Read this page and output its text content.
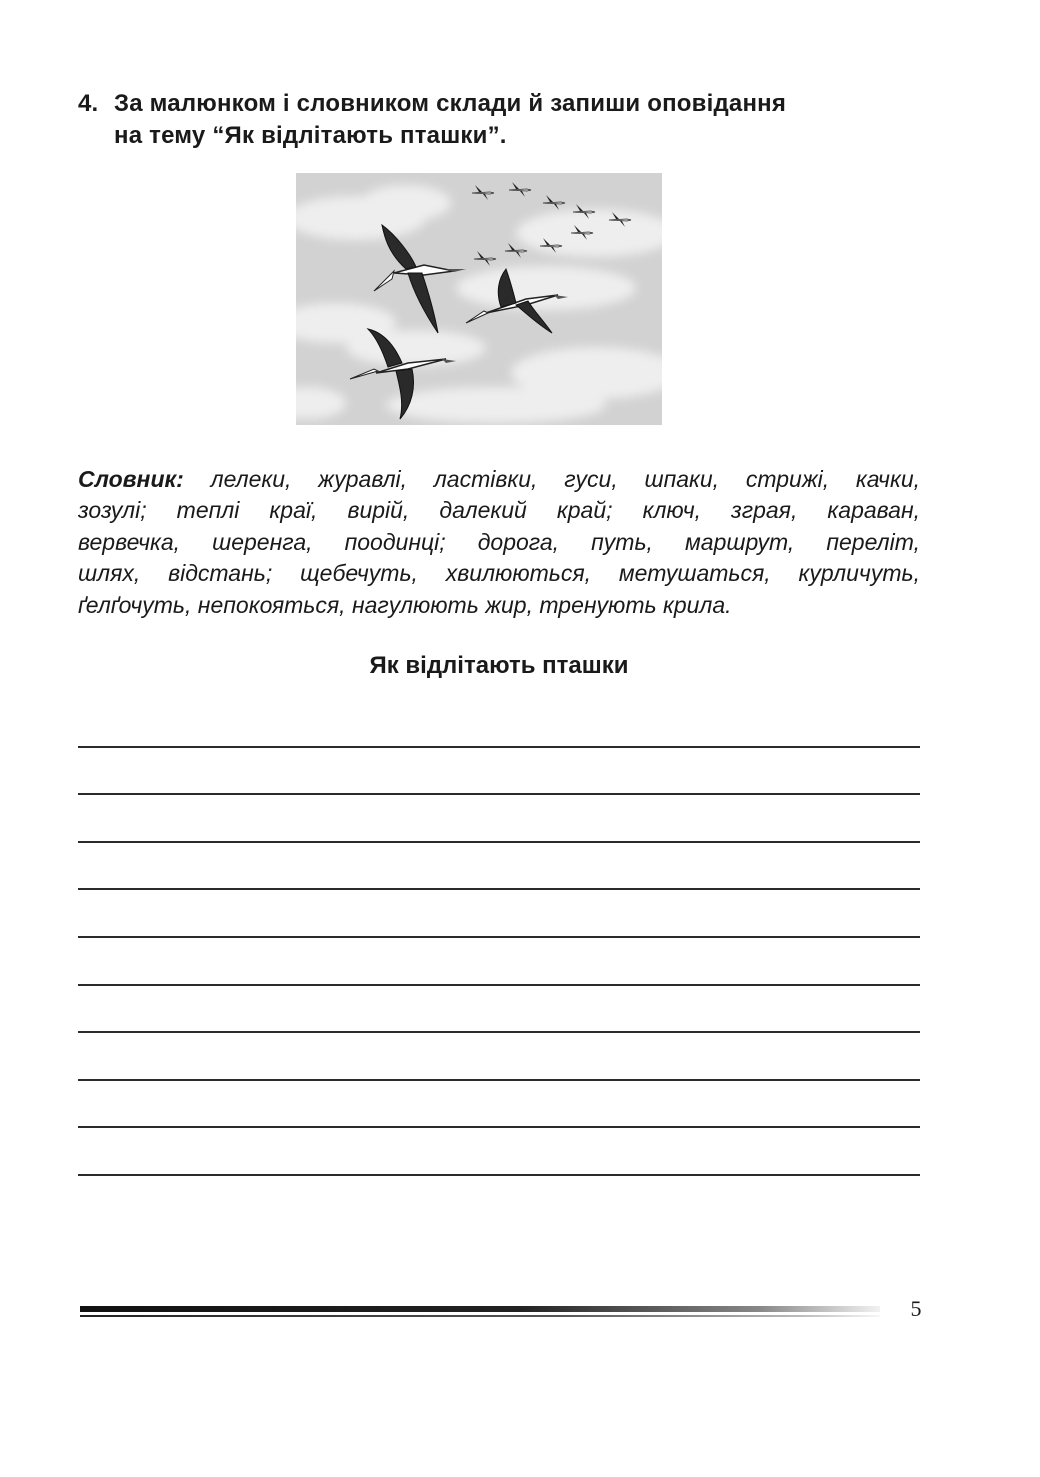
4. За малюнком і словником склади й запиши оповідання
на тему “Як відлітають пташки”.
Словник: лелеки, журавлі, ластівки, гуси, шпаки, стрижі, качки,
зозулі; теплі краї, вирій, далекий край; ключ, зграя, караван,
вервечка, шеренга, поодинці; дорога, путь, маршрут, переліт,
шлях, відстань; щебечуть, хвилюються, метушаться, курличуть,
ґелґочуть, непокояться, нагулюють жир, тренують крила.
Як відлітають пташки
5
